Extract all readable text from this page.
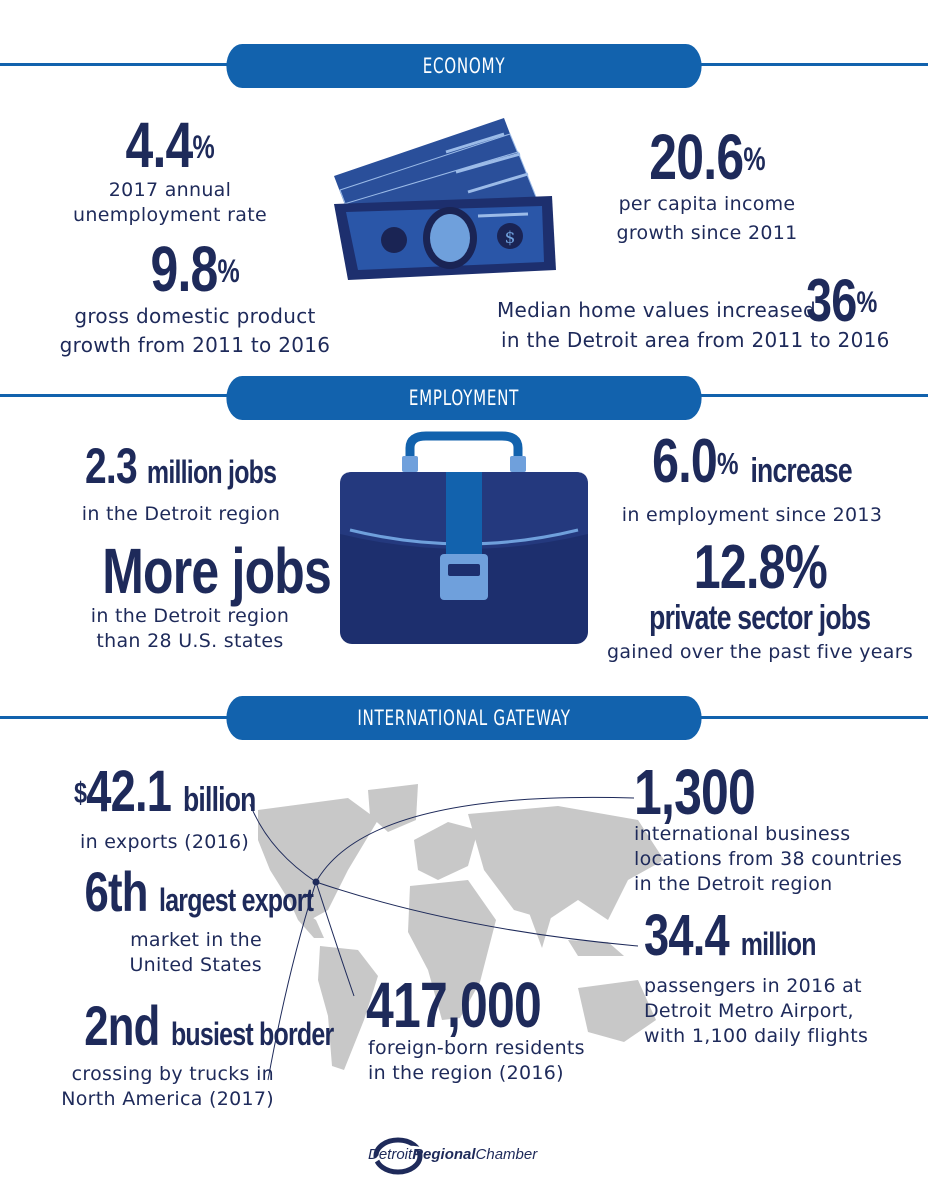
ECONOMY
4.4%
2017 annual
unemployment rate
9.8%
gross domestic product
growth from 2011 to 2016
$
20.6%
per capita income
growth since 2011
Median home values increased
36%
in the Detroit area from 2011 to 2016
EMPLOYMENT
2.3 million jobs
in the Detroit region
More jobs
in the Detroit region
than 28 U.S. states
6.0% increase
in employment since 2013
12.8% private sector jobs
gained over the past five years
INTERNATIONAL GATEWAY
$42.1 billion
in exports (2016)
6th largest export
market in the
United States
2nd busiest border
crossing by trucks in
North America (2017)
417,000
foreign-born residents
in the region (2016)
1,300
international business
locations from 38 countries
in the Detroit region
34.4 million
passengers in 2016 at
Detroit Metro Airport,
with 1,100 daily flights
DetroitRegionalChamber
